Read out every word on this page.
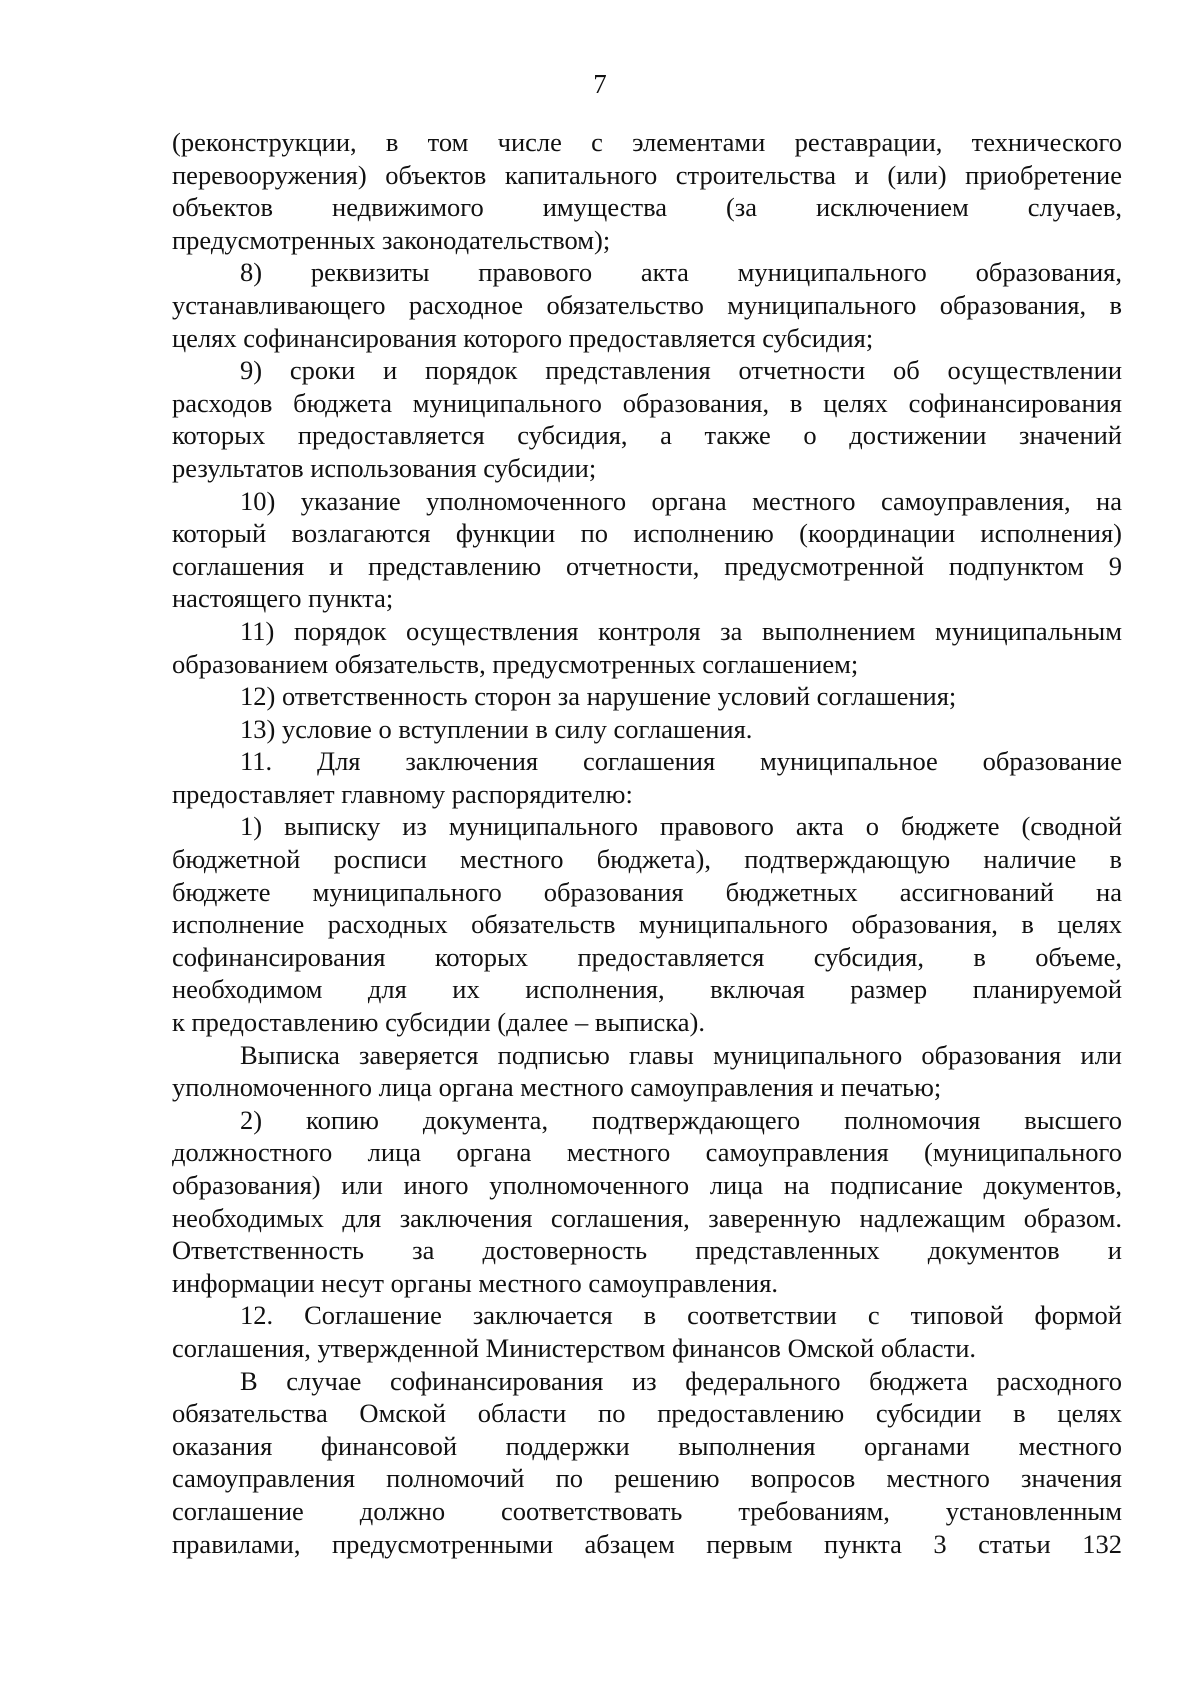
7
(реконструкции, в том числе с элементами реставрации, технического
перевооружения) объектов капитального строительства и (или) приобретение
объектов недвижимого имущества (за исключением случаев,
предусмотренных законодательством);
8) реквизиты правового акта муниципального образования,
устанавливающего расходное обязательство муниципального образования, в
целях софинансирования которого предоставляется субсидия;
9) сроки и порядок представления отчетности об осуществлении
расходов бюджета муниципального образования, в целях софинансирования
которых предоставляется субсидия, а также о достижении значений
результатов использования субсидии;
10) указание уполномоченного органа местного самоуправления, на
который возлагаются функции по исполнению (координации исполнения)
соглашения и представлению отчетности, предусмотренной подпунктом 9
настоящего пункта;
11) порядок осуществления контроля за выполнением муниципальным
образованием обязательств, предусмотренных соглашением;
12) ответственность сторон за нарушение условий соглашения;
13) условие о вступлении в силу соглашения.
11. Для заключения соглашения муниципальное образование
предоставляет главному распорядителю:
1) выписку из муниципального правового акта о бюджете (сводной
бюджетной росписи местного бюджета), подтверждающую наличие в
бюджете муниципального образования бюджетных ассигнований на
исполнение расходных обязательств муниципального образования, в целях
софинансирования которых предоставляется субсидия, в объеме,
необходимом для их исполнения, включая размер планируемой
к предоставлению субсидии (далее – выписка).
Выписка заверяется подписью главы муниципального образования или
уполномоченного лица органа местного самоуправления и печатью;
2) копию документа, подтверждающего полномочия высшего
должностного лица органа местного самоуправления (муниципального
образования) или иного уполномоченного лица на подписание документов,
необходимых для заключения соглашения, заверенную надлежащим образом.
Ответственность за достоверность представленных документов и
информации несут органы местного самоуправления.
12. Соглашение заключается в соответствии с типовой формой
соглашения, утвержденной Министерством финансов Омской области.
В случае софинансирования из федерального бюджета расходного
обязательства Омской области по предоставлению субсидии в целях
оказания финансовой поддержки выполнения органами местного
самоуправления полномочий по решению вопросов местного значения
соглашение должно соответствовать требованиям, установленным
правилами, предусмотренными абзацем первым пункта 3 статьи 132
